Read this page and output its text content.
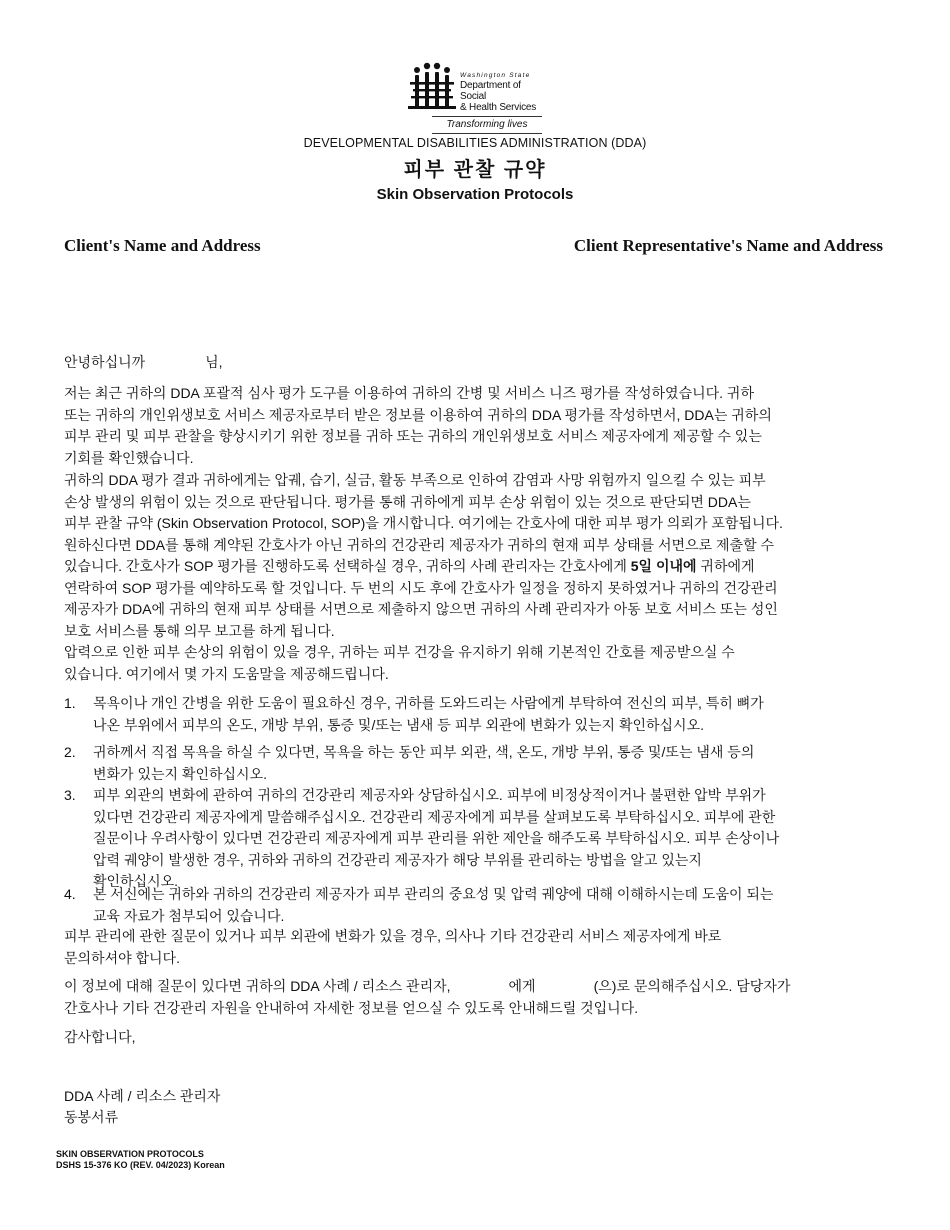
Washington State
Department of Social
& Health Services
Transforming lives
DEVELOPMENTAL DISABILITIES ADMINISTRATION (DDA)
피부 관찰 규약
Skin Observation Protocols
Client's Name and Address	Client Representative's Name and Address
안녕하십니까	님,
저는 최근 귀하의 DDA 포괄적 심사 평가 도구를 이용하여 귀하의 간병 및 서비스 니즈 평가를 작성하였습니다. 귀하
또는 귀하의 개인위생보호 서비스 제공자로부터 받은 정보를 이용하여 귀하의 DDA 평가를 작성하면서, DDA는 귀하의
피부 관리 및 피부 관찰을 향상시키기 위한 정보를 귀하 또는 귀하의 개인위생보호 서비스 제공자에게 제공할 수 있는
기회를 확인했습니다.
귀하의 DDA 평가 결과 귀하에게는 압궤, 습기, 실금, 활동 부족으로 인하여 감염과 사망 위험까지 일으킬 수 있는 피부
손상 발생의 위험이 있는 것으로 판단됩니다. 평가를 통해 귀하에게 피부 손상 위험이 있는 것으로 판단되면 DDA는
피부 관찰 규약 (Skin Observation Protocol, SOP)을 개시합니다. 여기에는 간호사에 대한 피부 평가 의뢰가 포함됩니다.
원하신다면 DDA를 통해 계약된 간호사가 아닌 귀하의 건강관리 제공자가 귀하의 현재 피부 상태를 서면으로 제출할 수
있습니다. 간호사가 SOP 평가를 진행하도록 선택하실 경우, 귀하의 사례 관리자는 간호사에게 5일 이내에 귀하에게
연락하여 SOP 평가를 예약하도록 할 것입니다. 두 번의 시도 후에 간호사가 일정을 정하지 못하였거나 귀하의 건강관리
제공자가 DDA에 귀하의 현재 피부 상태를 서면으로 제출하지 않으면 귀하의 사례 관리자가 아동 보호 서비스 또는 성인
보호 서비스를 통해 의무 보고를 하게 됩니다.
압력으로 인한 피부 손상의 위험이 있을 경우, 귀하는 피부 건강을 유지하기 위해 기본적인 간호를 제공받으실 수
있습니다. 여기에서 몇 가지 도움말을 제공해드립니다.
1. 목욕이나 개인 간병을 위한 도움이 필요하신 경우, 귀하를 도와드리는 사람에게 부탁하여 전신의 피부, 특히 뼈가
나온 부위에서 피부의 온도, 개방 부위, 통증 및/또는 냄새 등 피부 외관에 변화가 있는지 확인하십시오.
2. 귀하께서 직접 목욕을 하실 수 있다면, 목욕을 하는 동안 피부 외관, 색, 온도, 개방 부위, 통증 및/또는 냄새 등의
변화가 있는지 확인하십시오.
3. 피부 외관의 변화에 관하여 귀하의 건강관리 제공자와 상담하십시오. 피부에 비정상적이거나 불편한 압박 부위가
있다면 건강관리 제공자에게 말씀해주십시오. 건강관리 제공자에게 피부를 살펴보도록 부탁하십시오. 피부에 관한
질문이나 우려사항이 있다면 건강관리 제공자에게 피부 관리를 위한 제안을 해주도록 부탁하십시오. 피부 손상이나
압력 궤양이 발생한 경우, 귀하와 귀하의 건강관리 제공자가 해당 부위를 관리하는 방법을 알고 있는지
확인하십시오.
4. 본 서신에는 귀하와 귀하의 건강관리 제공자가 피부 관리의 중요성 및 압력 궤양에 대해 이해하시는데 도움이 되는
교육 자료가 첨부되어 있습니다.
피부 관리에 관한 질문이 있거나 피부 외관에 변화가 있을 경우, 의사나 기타 건강관리 서비스 제공자에게 바로
문의하셔야 합니다.
이 정보에 대해 질문이 있다면 귀하의 DDA 사례 / 리소스 관리자,	에게	(으)로 문의해주십시오. 담당자가
간호사나 기타 건강관리 자원을 안내하여 자세한 정보를 얻으실 수 있도록 안내해드릴 것입니다.
감사합니다,
DDA 사례 / 리소스 관리자
동봉서류
SKIN OBSERVATION PROTOCOLS
DSHS 15-376 KO (REV. 04/2023) Korean
